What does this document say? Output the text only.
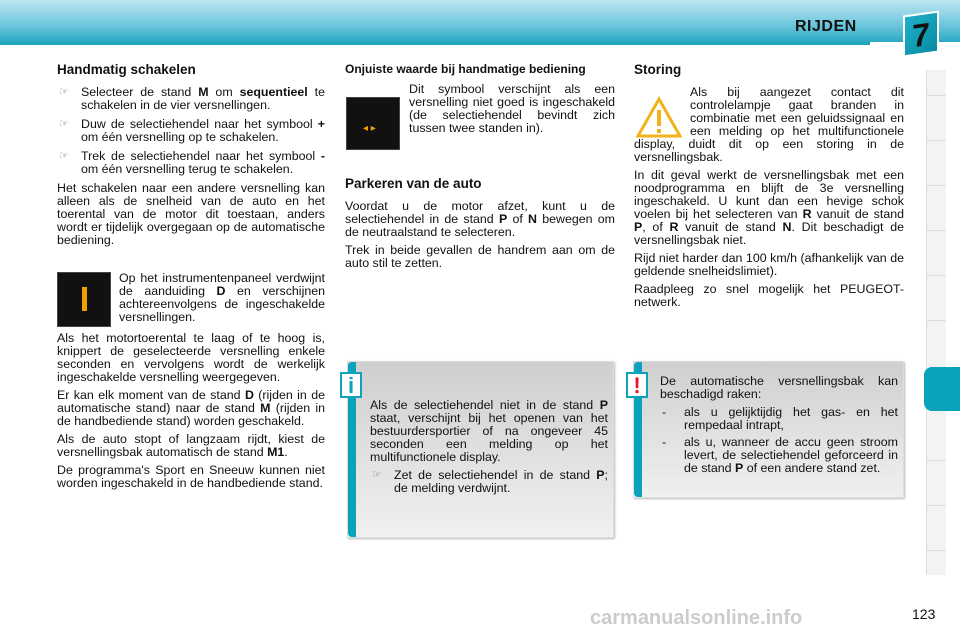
RIJDEN 7
Handmatig schakelen
☞ Selecteer de stand M om sequentieel te schakelen in de vier versnellingen.
☞ Duw de selectiehendel naar het symbool + om één versnelling op te schakelen.
☞ Trek de selectiehendel naar het symbool - om één versnelling terug te schakelen.

Het schakelen naar een andere versnelling kan alleen als de snelheid van de auto en het toerental van de motor dit toestaan, anders wordt er tijdelijk overgegaan op de automatische bediening.

Op het instrumentenpaneel verdwijnt de aanduiding D en verschijnen achtereenvolgens de ingeschakelde versnellingen.

Als het motortoerental te laag of te hoog is, knippert de geselecteerde versnelling enkele seconden en vervolgens wordt de werkelijk ingeschakelde versnelling weergegeven.

Er kan elk moment van de stand D (rijden in de automatische stand) naar de stand M (rijden in de handbediende stand) worden geschakeld.

Als de auto stopt of langzaam rijdt, kiest de versnellingsbak automatisch de stand M1.

De programma's Sport en Sneeuw kunnen niet worden ingeschakeld in de handbediende stand.

Onjuiste waarde bij handmatige bediening

Dit symbool verschijnt als een versnelling niet goed is ingeschakeld (de selectiehendel bevindt zich tussen twee standen in).

Parkeren van de auto

Voordat u de motor afzet, kunt u de selectiehendel in de stand P of N bewegen om de neutraalstand te selecteren.

Trek in beide gevallen de handrem aan om de auto stil te zetten.

◂ ▸
i

Als de selectiehendel niet in de stand P staat, verschijnt bij het openen van het bestuurdersportier of na ongeveer 45 seconden een melding op het multifunctionele display.

☞ Zet de selectiehendel in de stand P; de melding verdwijnt.
Storing

Als bij aangezet contact dit controlelampje gaat branden in combinatie met een geluidssignaal en een melding op het multifunctionele display, duidt dit op een storing in de versnellingsbak.

In dit geval werkt de versnellingsbak met een noodprogramma en blijft de 3e versnelling ingeschakeld. U kunt dan een hevige schok voelen bij het selecteren van R vanuit de stand P, of R vanuit de stand N. Dit beschadigt de versnellingsbak niet.

Rijd niet harder dan 100 km/h (afhankelijk van de geldende snelheidslimiet).

Raadpleeg zo snel mogelijk het PEUGEOT-netwerk.

!	De automatische versnellingsbak kan beschadigd raken:

- als u gelijktijdig het gas- en het rempedaal intrapt,
- als u, wanneer de accu geen stroom levert, de selectiehendel geforceerd in de stand P of een andere stand zet.
carmanualsonline.info	123
